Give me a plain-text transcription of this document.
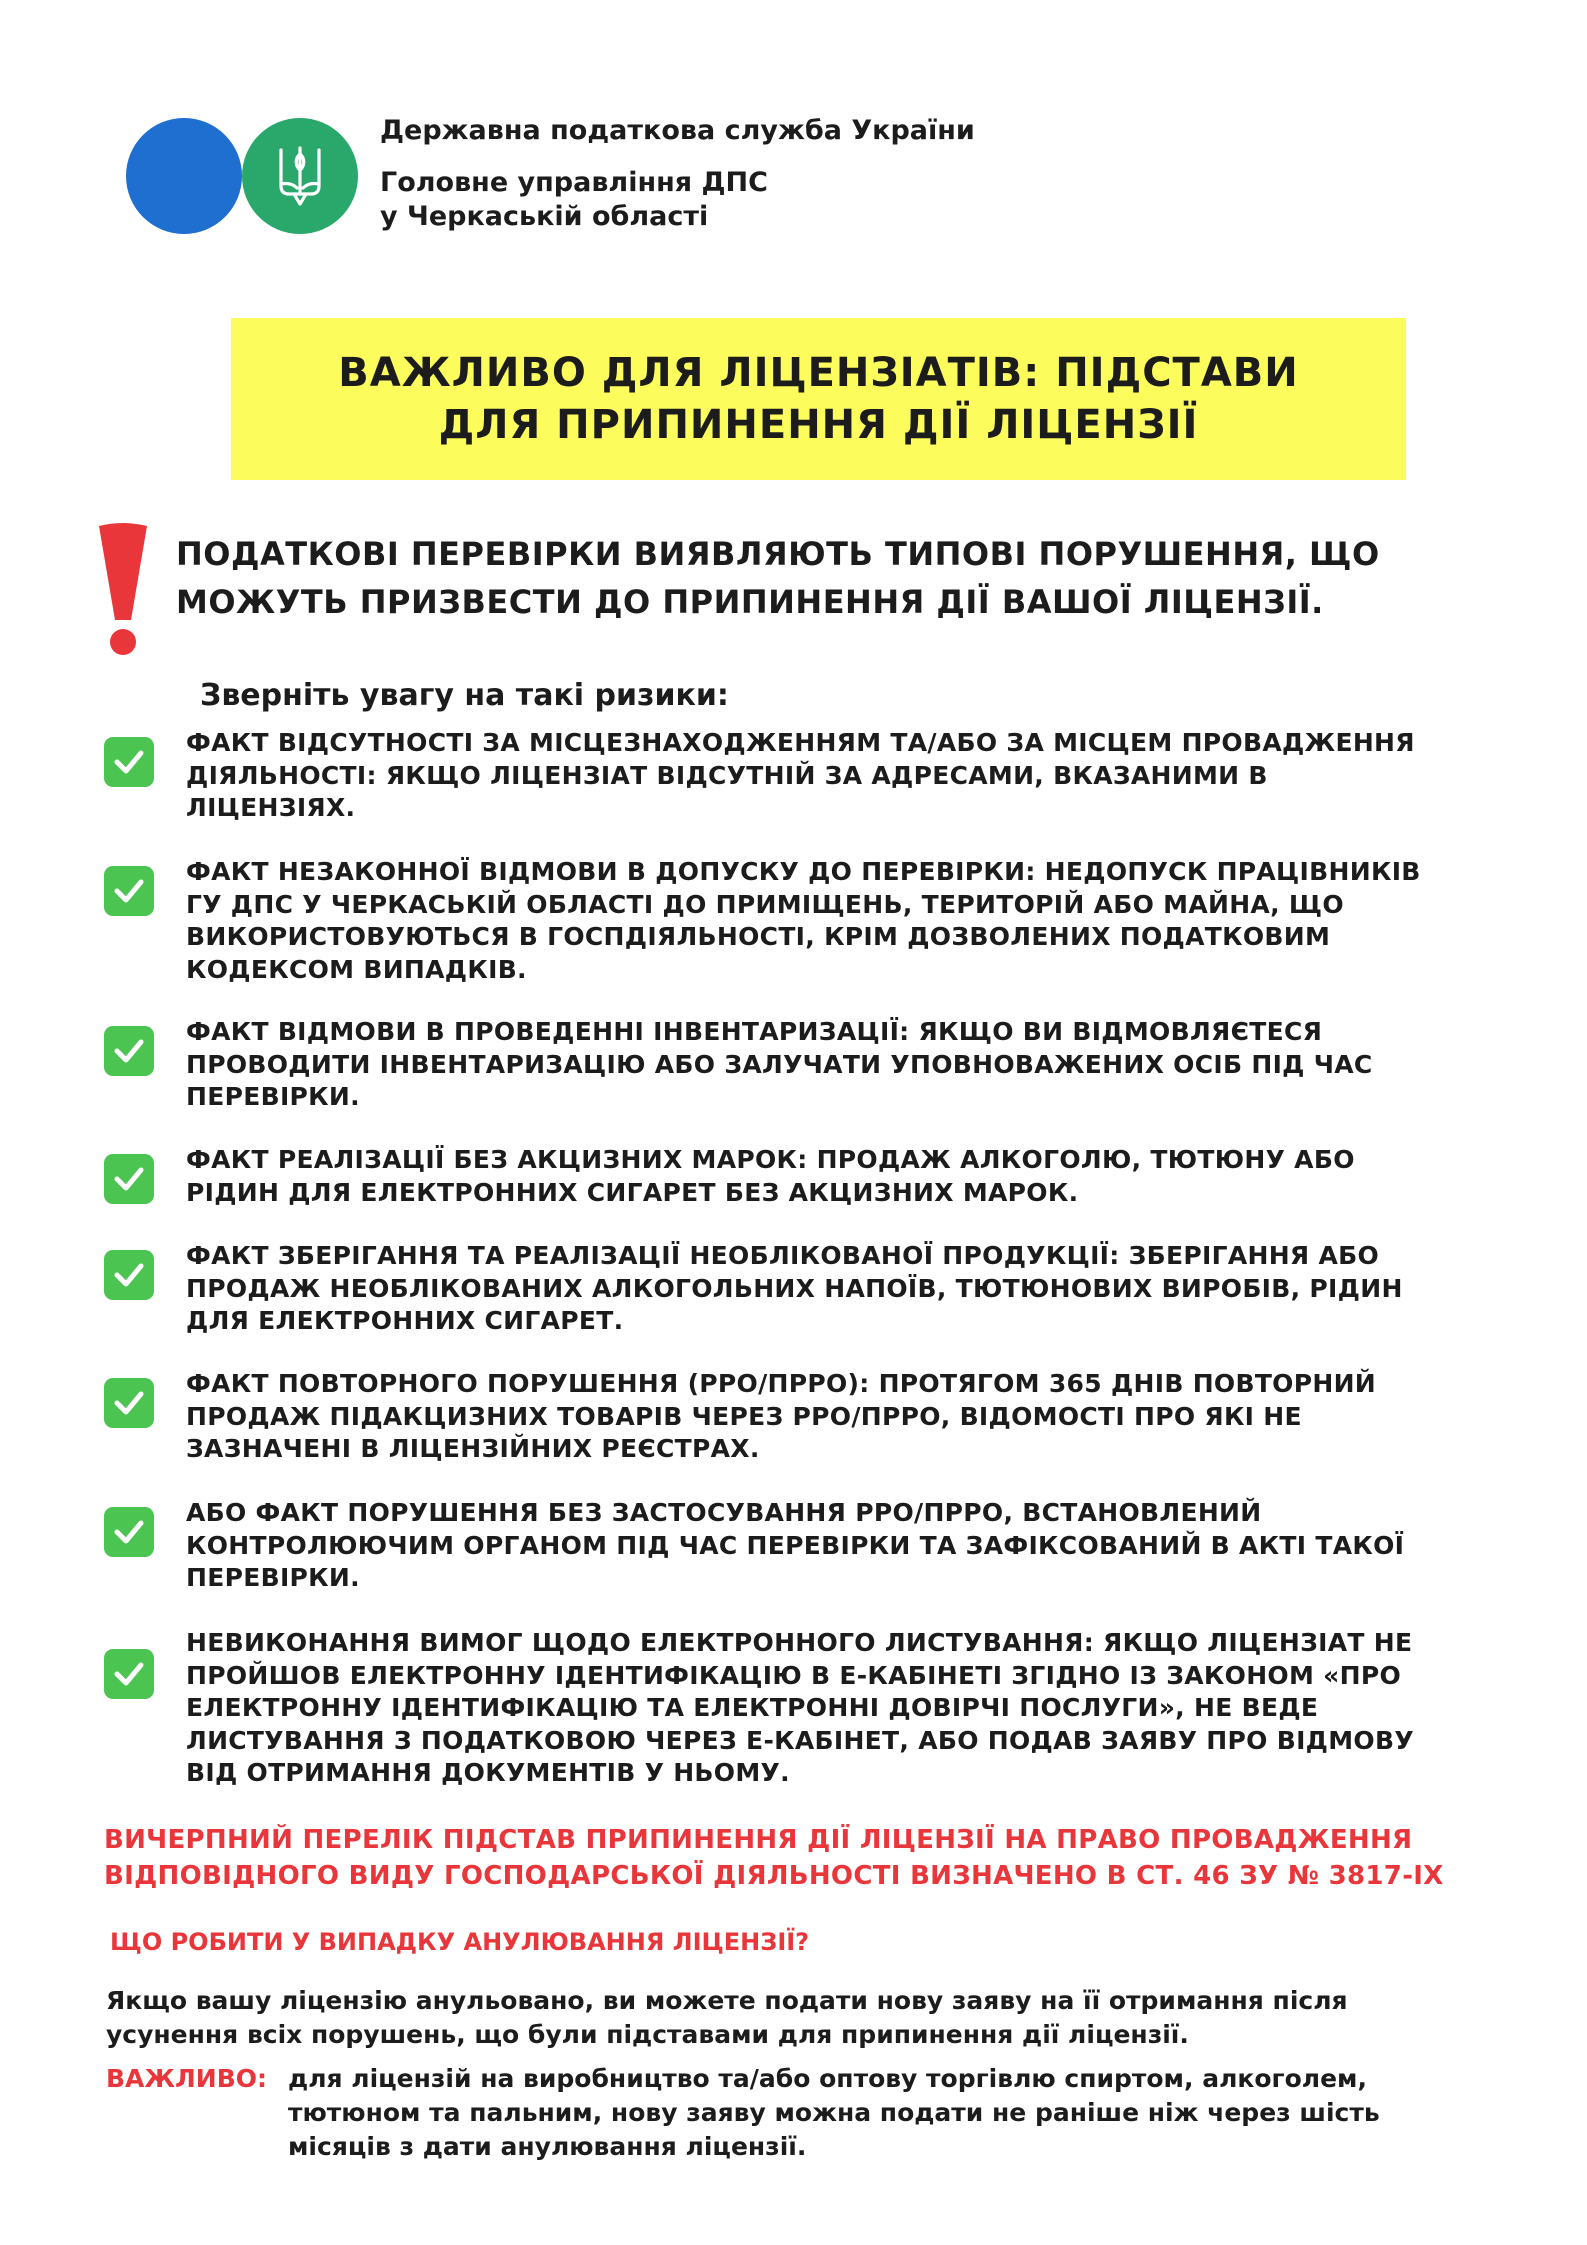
Державна податкова служба України
Головне управління ДПС
у Черкаській області
ВАЖЛИВО ДЛЯ ЛІЦЕНЗІАТІВ: ПІДСТАВИ
ДЛЯ ПРИПИНЕННЯ ДІЇ ЛІЦЕНЗІЇ
ПОДАТКОВІ ПЕРЕВІРКИ ВИЯВЛЯЮТЬ ТИПОВІ ПОРУШЕННЯ, ЩО
МОЖУТЬ ПРИЗВЕСТИ ДО ПРИПИНЕННЯ ДІЇ ВАШОЇ ЛІЦЕНЗІЇ.
Зверніть увагу на такі ризики:
ФАКТ ВІДСУТНОСТІ ЗА МІСЦЕЗНАХОДЖЕННЯМ ТА/АБО ЗА МІСЦЕМ ПРОВАДЖЕННЯ
ДІЯЛЬНОСТІ: ЯКЩО ЛІЦЕНЗІАТ ВІДСУТНІЙ ЗА АДРЕСАМИ, ВКАЗАНИМИ В
ЛІЦЕНЗІЯХ.
ФАКТ НЕЗАКОННОЇ ВІДМОВИ В ДОПУСКУ ДО ПЕРЕВІРКИ: НЕДОПУСК ПРАЦІВНИКІВ
ГУ ДПС У ЧЕРКАСЬКІЙ ОБЛАСТІ ДО ПРИМІЩЕНЬ, ТЕРИТОРІЙ АБО МАЙНА, ЩО
ВИКОРИСТОВУЮТЬСЯ В ГОСПДІЯЛЬНОСТІ, КРІМ ДОЗВОЛЕНИХ ПОДАТКОВИМ
КОДЕКСОМ ВИПАДКІВ.
ФАКТ ВІДМОВИ В ПРОВЕДЕННІ ІНВЕНТАРИЗАЦІЇ: ЯКЩО ВИ ВІДМОВЛЯЄТЕСЯ
ПРОВОДИТИ ІНВЕНТАРИЗАЦІЮ АБО ЗАЛУЧАТИ УПОВНОВАЖЕНИХ ОСІБ ПІД ЧАС
ПЕРЕВІРКИ.
ФАКТ РЕАЛІЗАЦІЇ БЕЗ АКЦИЗНИХ МАРОК: ПРОДАЖ АЛКОГОЛЮ, ТЮТЮНУ АБО
РІДИН ДЛЯ ЕЛЕКТРОННИХ СИГАРЕТ БЕЗ АКЦИЗНИХ МАРОК.
ФАКТ ЗБЕРІГАННЯ ТА РЕАЛІЗАЦІЇ НЕОБЛІКОВАНОЇ ПРОДУКЦІЇ: ЗБЕРІГАННЯ АБО
ПРОДАЖ НЕОБЛІКОВАНИХ АЛКОГОЛЬНИХ НАПОЇВ, ТЮТЮНОВИХ ВИРОБІВ, РІДИН
ДЛЯ ЕЛЕКТРОННИХ СИГАРЕТ.
ФАКТ ПОВТОРНОГО ПОРУШЕННЯ (РРО/ПРРО): ПРОТЯГОМ 365 ДНІВ ПОВТОРНИЙ
ПРОДАЖ ПІДАКЦИЗНИХ ТОВАРІВ ЧЕРЕЗ РРО/ПРРО, ВІДОМОСТІ ПРО ЯКІ НЕ
ЗАЗНАЧЕНІ В ЛІЦЕНЗІЙНИХ РЕЄСТРАХ.
АБО ФАКТ ПОРУШЕННЯ БЕЗ ЗАСТОСУВАННЯ РРО/ПРРО, ВСТАНОВЛЕНИЙ
КОНТРОЛЮЮЧИМ ОРГАНОМ ПІД ЧАС ПЕРЕВІРКИ ТА ЗАФІКСОВАНИЙ В АКТІ ТАКОЇ
ПЕРЕВІРКИ.
НЕВИКОНАННЯ ВИМОГ ЩОДО ЕЛЕКТРОННОГО ЛИСТУВАННЯ: ЯКЩО ЛІЦЕНЗІАТ НЕ
ПРОЙШОВ ЕЛЕКТРОННУ ІДЕНТИФІКАЦІЮ В Е-КАБІНЕТІ ЗГІДНО ІЗ ЗАКОНОМ «ПРО
ЕЛЕКТРОННУ ІДЕНТИФІКАЦІЮ ТА ЕЛЕКТРОННІ ДОВІРЧІ ПОСЛУГИ», НЕ ВЕДЕ
ЛИСТУВАННЯ З ПОДАТКОВОЮ ЧЕРЕЗ Е-КАБІНЕТ, АБО ПОДАВ ЗАЯВУ ПРО ВІДМОВУ
ВІД ОТРИМАННЯ ДОКУМЕНТІВ У НЬОМУ.
ВИЧЕРПНИЙ ПЕРЕЛІК ПІДСТАВ ПРИПИНЕННЯ ДІЇ ЛІЦЕНЗІЇ НА ПРАВО ПРОВАДЖЕННЯ
ВІДПОВІДНОГО ВИДУ ГОСПОДАРСЬКОЇ ДІЯЛЬНОСТІ ВИЗНАЧЕНО В СТ. 46 ЗУ № 3817-IX
ЩО РОБИТИ У ВИПАДКУ АНУЛЮВАННЯ ЛІЦЕНЗІЇ?
Якщо вашу ліцензію анульовано, ви можете подати нову заяву на її отримання після
усунення всіх порушень, що були підставами для припинення дії ліцензії.
ВАЖЛИВО: для ліцензій на виробництво та/або оптову торгівлю спиртом, алкоголем,
тютюном та пальним, нову заяву можна подати не раніше ніж через шість
місяців з дати анулювання ліцензії.
